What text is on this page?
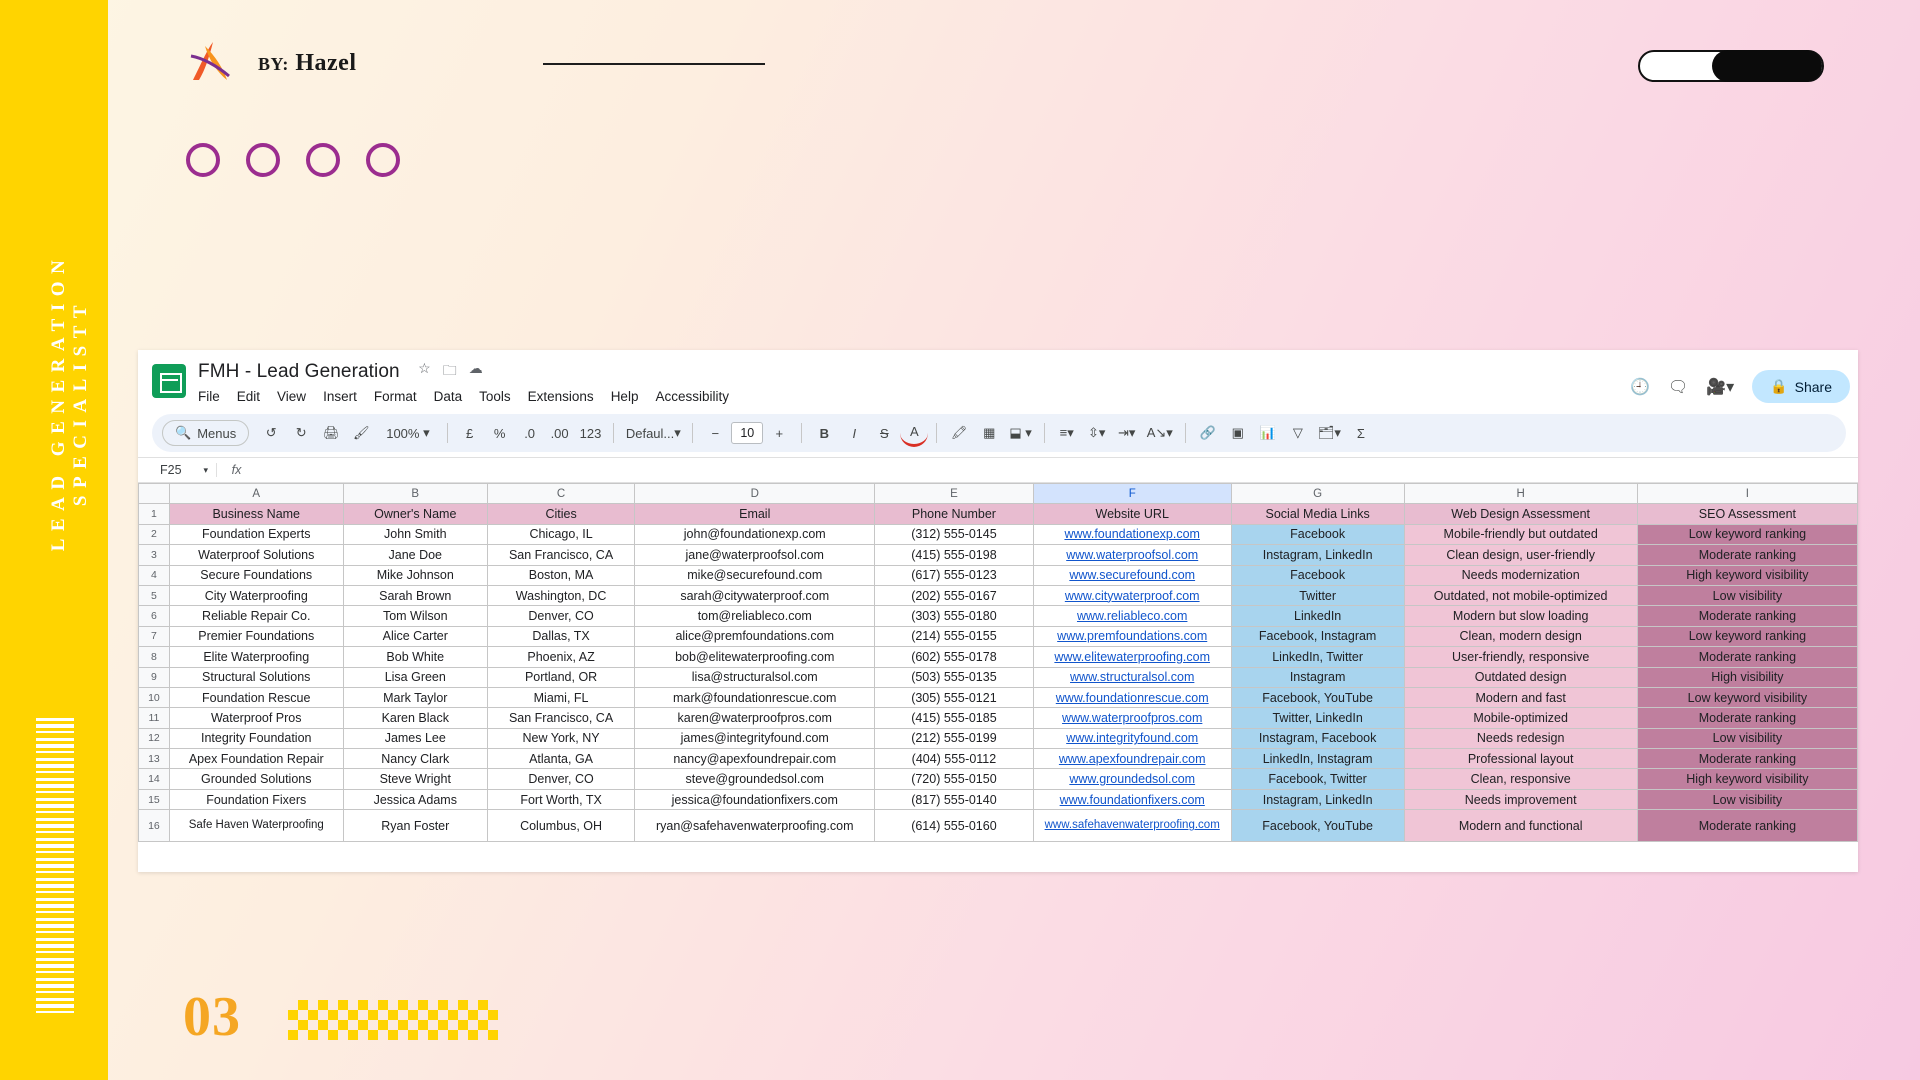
LEAD GENERATION SPECIALISTT
BY: Hazel
03
FMH - Lead Generation ☆ 🗀 ☁
File Edit View Insert Format Data Tools Extensions Help Accessibility
🕘 🗨 🎥▾	🔒 Share
🔍 Menus	↺	↻	🖨	🖌	100% ▾	£	%	.0	.00 123	Defaul... ▾	−	10	+	B	I	S	A	🖍	▦	⬓ ▾	≡▾	⇳▾ ⇥▾ A↘▾	🔗	▣	📊	▽	🗂▾	Σ
F25 ▾	fx
	A	B	C	D	E	F	G	H	I
1	Business Name	Owner's Name	Cities	Email	Phone Number	Website URL	Social Media Links	Web Design Assessment	SEO Assessment
2	Foundation Experts	John Smith	Chicago, IL	john@foundationexp.com	(312) 555-0145	www.foundationexp.com	Facebook	Mobile-friendly but outdated	Low keyword ranking
3	Waterproof Solutions	Jane Doe	San Francisco, CA	jane@waterproofsol.com	(415) 555-0198	www.waterproofsol.com	Instagram, LinkedIn	Clean design, user-friendly	Moderate ranking
4	Secure Foundations	Mike Johnson	Boston, MA	mike@securefound.com	(617) 555-0123	www.securefound.com	Facebook	Needs modernization	High keyword visibility
5	City Waterproofing	Sarah Brown	Washington, DC	sarah@citywaterproof.com	(202) 555-0167	www.citywaterproof.com	Twitter	Outdated, not mobile-optimized	Low visibility
6	Reliable Repair Co.	Tom Wilson	Denver, CO	tom@reliableco.com	(303) 555-0180	www.reliableco.com	LinkedIn	Modern but slow loading	Moderate ranking
7	Premier Foundations	Alice Carter	Dallas, TX	alice@premfoundations.com	(214) 555-0155	www.premfoundations.com	Facebook, Instagram	Clean, modern design	Low keyword ranking
8	Elite Waterproofing	Bob White	Phoenix, AZ	bob@elitewaterproofing.com	(602) 555-0178	www.elitewaterproofing.com	LinkedIn, Twitter	User-friendly, responsive	Moderate ranking
9	Structural Solutions	Lisa Green	Portland, OR	lisa@structuralsol.com	(503) 555-0135	www.structuralsol.com	Instagram	Outdated design	High visibility
10	Foundation Rescue	Mark Taylor	Miami, FL	mark@foundationrescue.com	(305) 555-0121	www.foundationrescue.com	Facebook, YouTube	Modern and fast	Low keyword visibility
11	Waterproof Pros	Karen Black	San Francisco, CA	karen@waterproofpros.com	(415) 555-0185	www.waterproofpros.com	Twitter, LinkedIn	Mobile-optimized	Moderate ranking
12	Integrity Foundation	James Lee	New York, NY	james@integrityfound.com	(212) 555-0199	www.integrityfound.com	Instagram, Facebook	Needs redesign	Low visibility
13	Apex Foundation Repair	Nancy Clark	Atlanta, GA	nancy@apexfoundrepair.com	(404) 555-0112	www.apexfoundrepair.com	LinkedIn, Instagram	Professional layout	Moderate ranking
14	Grounded Solutions	Steve Wright	Denver, CO	steve@groundedsol.com	(720) 555-0150	www.groundedsol.com	Facebook, Twitter	Clean, responsive	High keyword visibility
15	Foundation Fixers	Jessica Adams	Fort Worth, TX	jessica@foundationfixers.com	(817) 555-0140	www.foundationfixers.com	Instagram, LinkedIn	Needs improvement	Low visibility
16	Safe Haven Waterproofing	Ryan Foster	Columbus, OH	ryan@safehavenwaterproofing.com	(614) 555-0160	www.safehavenwaterproofing.com	Facebook, YouTube	Modern and functional	Moderate ranking
